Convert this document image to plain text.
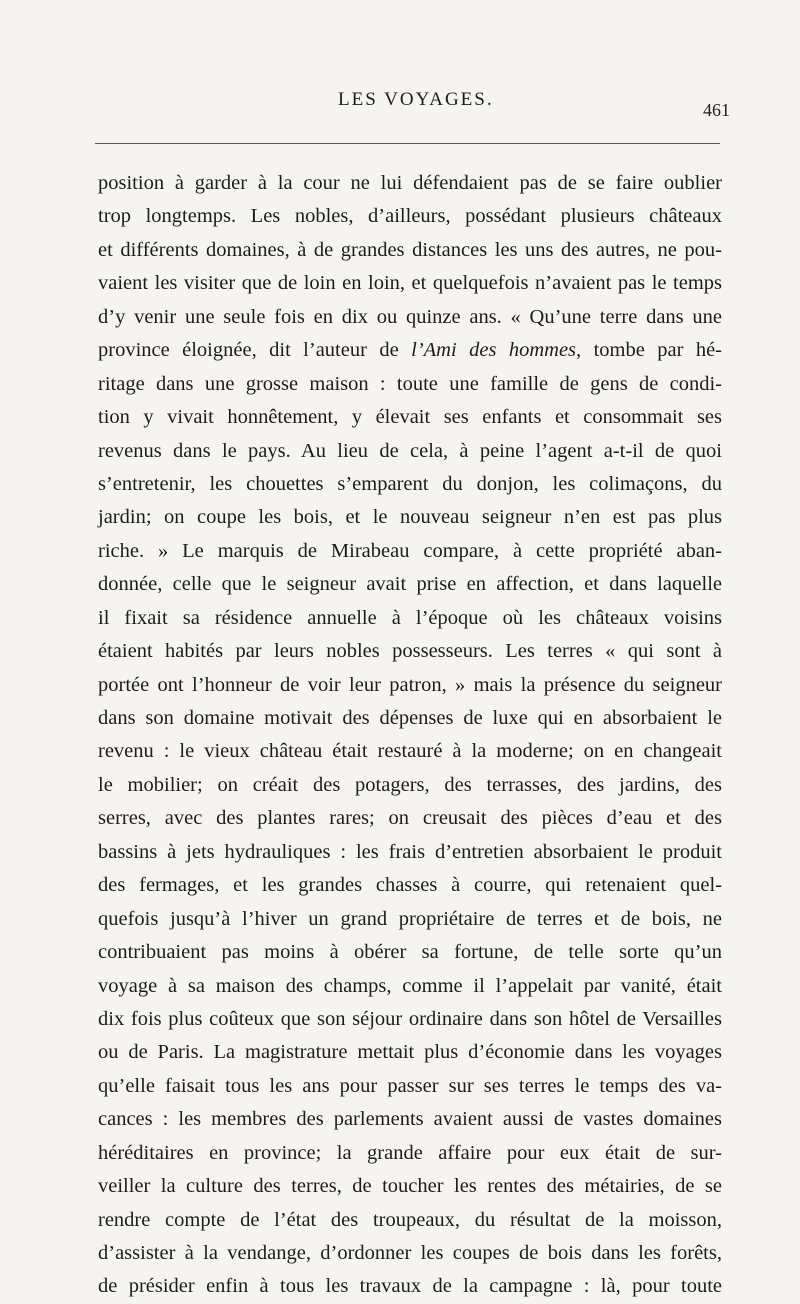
LES VOYAGES.	461
position à garder à la cour ne lui défendaient pas de se faire oublier
trop longtemps. Les nobles, d’ailleurs, possédant plusieurs châteaux
et différents domaines, à de grandes distances les uns des autres, ne pou-
vaient les visiter que de loin en loin, et quelquefois n’avaient pas le temps
d’y venir une seule fois en dix ou quinze ans. « Qu’une terre dans une
province éloignée, dit l’auteur de l’Ami des hommes, tombe par hé-
ritage dans une grosse maison : toute une famille de gens de condi-
tion y vivait honnêtement, y élevait ses enfants et consommait ses
revenus dans le pays. Au lieu de cela, à peine l’agent a-t-il de quoi
s’entretenir, les chouettes s’emparent du donjon, les colimaçons, du
jardin; on coupe les bois, et le nouveau seigneur n’en est pas plus
riche. » Le marquis de Mirabeau compare, à cette propriété aban-
donnée, celle que le seigneur avait prise en affection, et dans laquelle
il fixait sa résidence annuelle à l’époque où les châteaux voisins
étaient habités par leurs nobles possesseurs. Les terres « qui sont à
portée ont l’honneur de voir leur patron, » mais la présence du seigneur
dans son domaine motivait des dépenses de luxe qui en absorbaient le
revenu : le vieux château était restauré à la moderne; on en changeait
le mobilier; on créait des potagers, des terrasses, des jardins, des
serres, avec des plantes rares; on creusait des pièces d’eau et des
bassins à jets hydrauliques : les frais d’entretien absorbaient le produit
des fermages, et les grandes chasses à courre, qui retenaient quel-
quefois jusqu’à l’hiver un grand propriétaire de terres et de bois, ne
contribuaient pas moins à obérer sa fortune, de telle sorte qu’un
voyage à sa maison des champs, comme il l’appelait par vanité, était
dix fois plus coûteux que son séjour ordinaire dans son hôtel de Versailles
ou de Paris. La magistrature mettait plus d’économie dans les voyages
qu’elle faisait tous les ans pour passer sur ses terres le temps des va-
cances : les membres des parlements avaient aussi de vastes domaines
héréditaires en province; la grande affaire pour eux était de sur-
veiller la culture des terres, de toucher les rentes des métairies, de se
rendre compte de l’état des troupeaux, du résultat de la moisson,
d’assister à la vendange, d’ordonner les coupes de bois dans les forêts,
de présider enfin à tous les travaux de la campagne : là, pour toute
